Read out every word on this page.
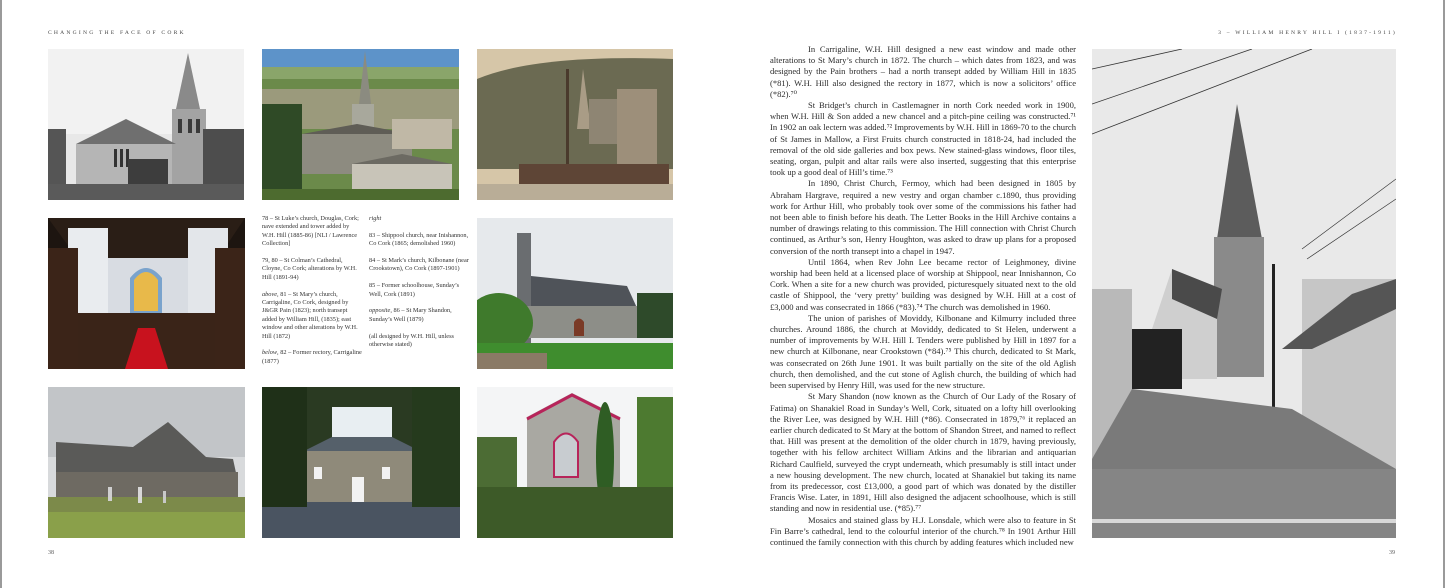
CHANGING THE FACE OF CORK	3 – WILLIAM HENRY HILL I (1837-1911)

78 – St Luke’s church, Douglas, Cork; nave extended and tower added by W.H. Hill (1885-86) [NLI / Lawrence Collection]

79, 80 – St Colman’s Cathedral, Cloyne, Co Cork; alterations by W.H. Hill (1891-94)

above, 81 – St Mary’s church, Carrigaline, Co Cork, designed by J&GR Pain (1823); north transept added by William Hill, (1835); east window and other alterations by W.H. Hill (1872)

below, 82 – Former rectory, Carrigaline (1877)

right

83 – Shippool church, near Inishannon, Co Cork (1865; demolished 1960)

84 – St Mark’s church, Kilbonane (near Crookstown), Co Cork (1897-1901)

85 – Former schoolhouse, Sunday’s Well, Cork (1891)

opposite, 86 – St Mary Shandon, Sunday’s Well (1879)

(all designed by W.H. Hill, unless otherwise stated)

In Carrigaline, W.H. Hill designed a new east window and made other alterations to St Mary’s church in 1872. The church – which dates from 1823, and was designed by the Pain brothers – had a north transept added by William Hill in 1835 (*81). W.H. Hill also designed the rectory in 1877, which is now a solicitors’ office (*82).⁷⁰

St Bridget’s church in Castlemagner in north Cork needed work in 1900, when W.H. Hill & Son added a new chancel and a pitch-pine ceiling was constructed.⁷¹ In 1902 an oak lectern was added.⁷² Improvements by W.H. Hill in 1869-70 to the church of St James in Mallow, a First Fruits church constructed in 1818-24, had included the removal of the old side galleries and box pews. New stained-glass windows, floor tiles, seating, organ, pulpit and altar rails were also inserted, suggesting that this enterprise took up a good deal of Hill’s time.⁷³

In 1890, Christ Church, Fermoy, which had been designed in 1805 by Abraham Hargrave, required a new vestry and organ chamber c.1890, thus providing work for Arthur Hill, who probably took over some of the commissions his father had not been able to finish before his death. The Letter Books in the Hill Archive contains a number of drawings relating to this commission. The Hill connection with Christ Church continued, as Arthur’s son, Henry Houghton, was asked to draw up plans for a proposed conversion of the north transept into a chapel in 1947.

Until 1864, when Rev John Lee became rector of Leighmoney, divine worship had been held at a licensed place of worship at Shippool, near Innishannon, Co Cork. When a site for a new church was provided, picturesquely situated next to the old castle of Shippool, the ‘very pretty’ building was designed by W.H. Hill at a cost of £3,000 and was consecrated in 1866 (*83).⁷⁴ The church was demolished in 1960.

The union of parishes of Moviddy, Kilbonane and Kilmurry included three churches. Around 1886, the church at Moviddy, dedicated to St Helen, underwent a number of improvements by W.H. Hill I. Tenders were published by Hill in 1897 for a new church at Kilbonane, near Crookstown (*84).⁷⁵ This church, dedicated to St Mark, was consecrated on 26th June 1901. It was built partially on the site of the old Aglish church, then demolished, and the cut stone of Aglish church, the building of which had been supervised by Henry Hill, was used for the new structure.

St Mary Shandon (now known as the Church of Our Lady of the Rosary of Fatima) on Shanakiel Road in Sunday’s Well, Cork, situated on a lofty hill overlooking the River Lee, was designed by W.H. Hill (*86). Consecrated in 1879,⁷⁶ it replaced an earlier church dedicated to St Mary at the bottom of Shandon Street, and named to reflect that. Hill was present at the demolition of the older church in 1879, having previously, together with his fellow architect William Atkins and the librarian and antiquarian Richard Caulfield, surveyed the crypt underneath, which presumably is still intact under a new housing development. The new church, located at Shanakiel but taking its name from its predecessor, cost £13,000, a good part of which was donated by the distiller Francis Wise. Later, in 1891, Hill also designed the adjacent schoolhouse, which is still standing and now in residential use. (*85).⁷⁷

Mosaics and stained glass by H.J. Lonsdale, which were also to feature in St Fin Barre’s cathedral, lend to the colourful interior of the church.⁷⁸ In 1901 Arthur Hill continued the family connection with this church by adding features which included new

38	39
